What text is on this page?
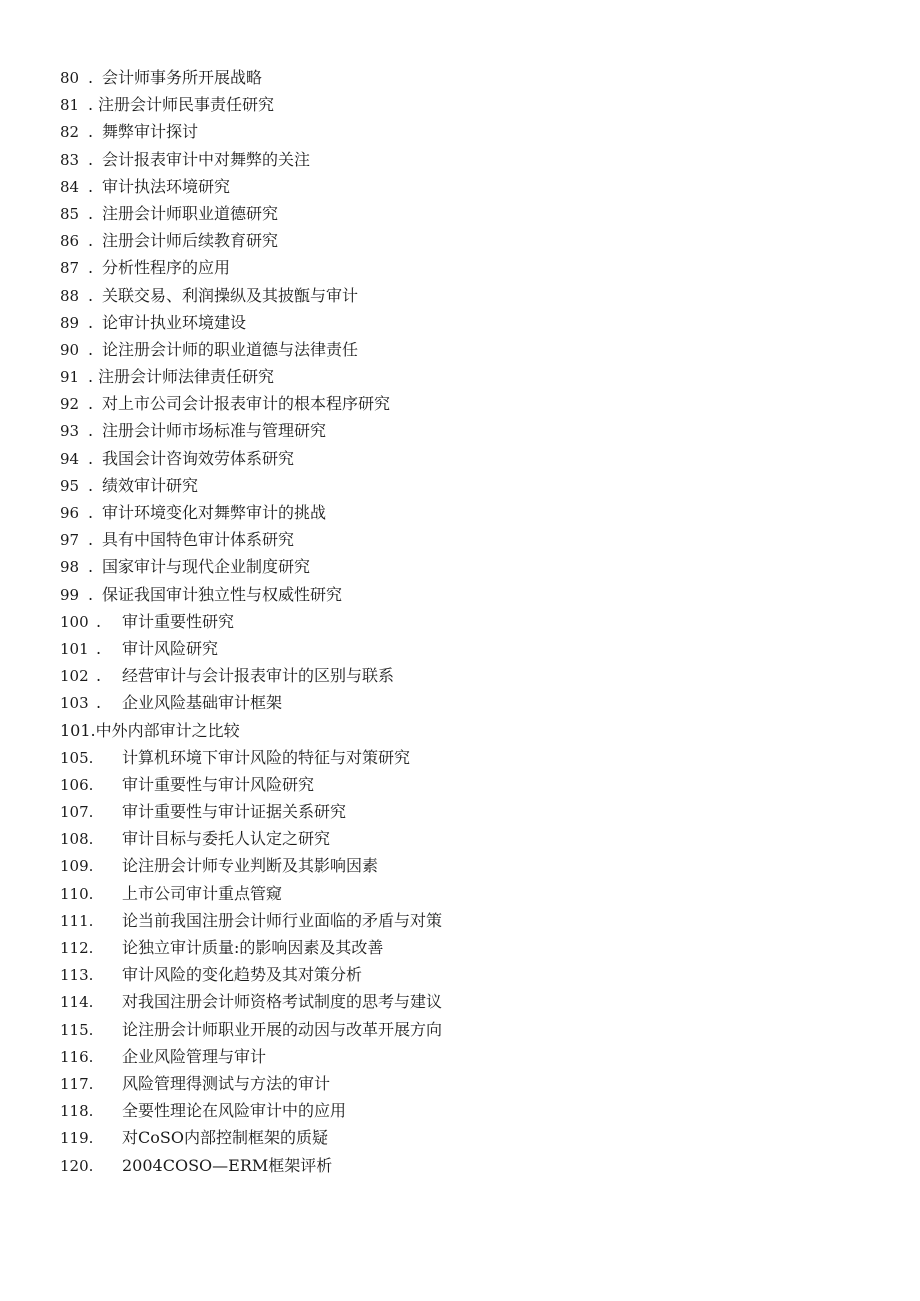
80 . 会计师事务所开展战略
81 . 注册会计师民事责任研究
82 . 舞弊审计探讨
83 . 会计报表审计中对舞弊的关注
84 . 审计执法环境研究
85 . 注册会计师职业道德研究
86 . 注册会计师后续教育研究
87 . 分析性程序的应用
88 . 关联交易、利润操纵及其披甑与审计
89 . 论审计执业环境建设
90 . 论注册会计师的职业道德与法律责任
91 . 注册会计师法律责任研究
92 . 对上市公司会计报表审计的根本程序研究
93 . 注册会计师市场标准与管理研究
94 . 我国会计咨询效劳体系研究
95 . 绩效审计研究
96 . 审计环境变化对舞弊审计的挑战
97 . 具有中国特色审计体系研究
98 . 国家审计与现代企业制度研究
99 . 保证我国审计独立性与权威性研究
100 .	审计重要性研究
101 .	审计风险研究
102 .	经营审计与会计报表审计的区别与联系
103 .	企业风险基础审计框架
101.中外内部审计之比较
105. 计算机环境下审计风险的特征与对策研究
106. 审计重要性与审计风险研究
107. 审计重要性与审计证据关系研究
108. 审计目标与委托人认定之研究
109. 论注册会计师专业判断及其影响因素
110. 上市公司审计重点管窥
111. 论当前我国注册会计师行业面临的矛盾与对策
112. 论独立审计质量:的影响因素及其改善
113. 审计风险的变化趋势及其对策分析
114. 对我国注册会计师资格考试制度的思考与建议
115. 论注册会计师职业开展的动因与改革开展方向
116. 企业风险管理与审计
117. 风险管理得测试与方法的审计
118. 全要性理论在风险审计中的应用
119. 对CoSO内部控制框架的质疑
120. 2004COSO—ERM框架评析
